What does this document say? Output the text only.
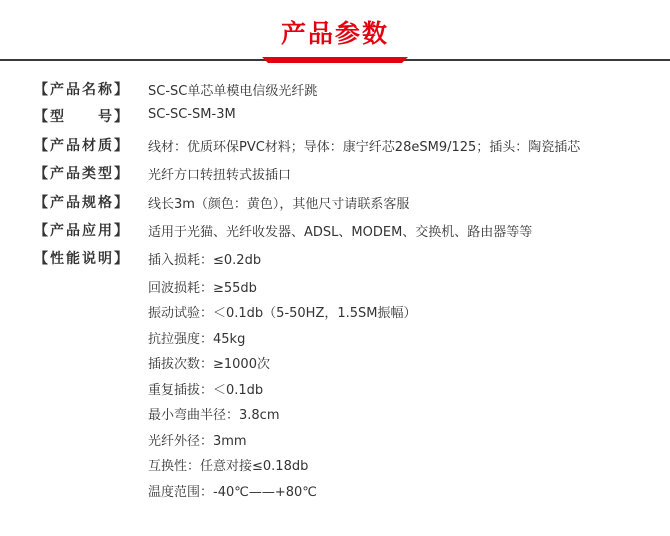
产品参数
【产品名称】	SC-SC单芯单模电信级光纤跳
【型　　号】	SC-SC-SM-3M
【产品材质】	线材：优质环保PVC材料；导体：康宁纤芯28eSM9/125；插头：陶瓷插芯
【产品类型】	光纤方口转扭转式拔插口
【产品规格】	线长3m（颜色：黄色），其他尺寸请联系客服
【产品应用】	适用于光猫、光纤收发器、ADSL、MODEM、交换机、路由器等等
【性能说明】	插入损耗：≤0.2db
回波损耗：≥55db
振动试验：＜0.1db（5-50HZ，1.5SM振幅）
抗拉强度：45kg
插拔次数：≥1000次
重复插拔：＜0.1db
最小弯曲半径：3.8cm
光纤外径：3mm
互换性：任意对接≤0.18db
温度范围：-40℃——+80℃
